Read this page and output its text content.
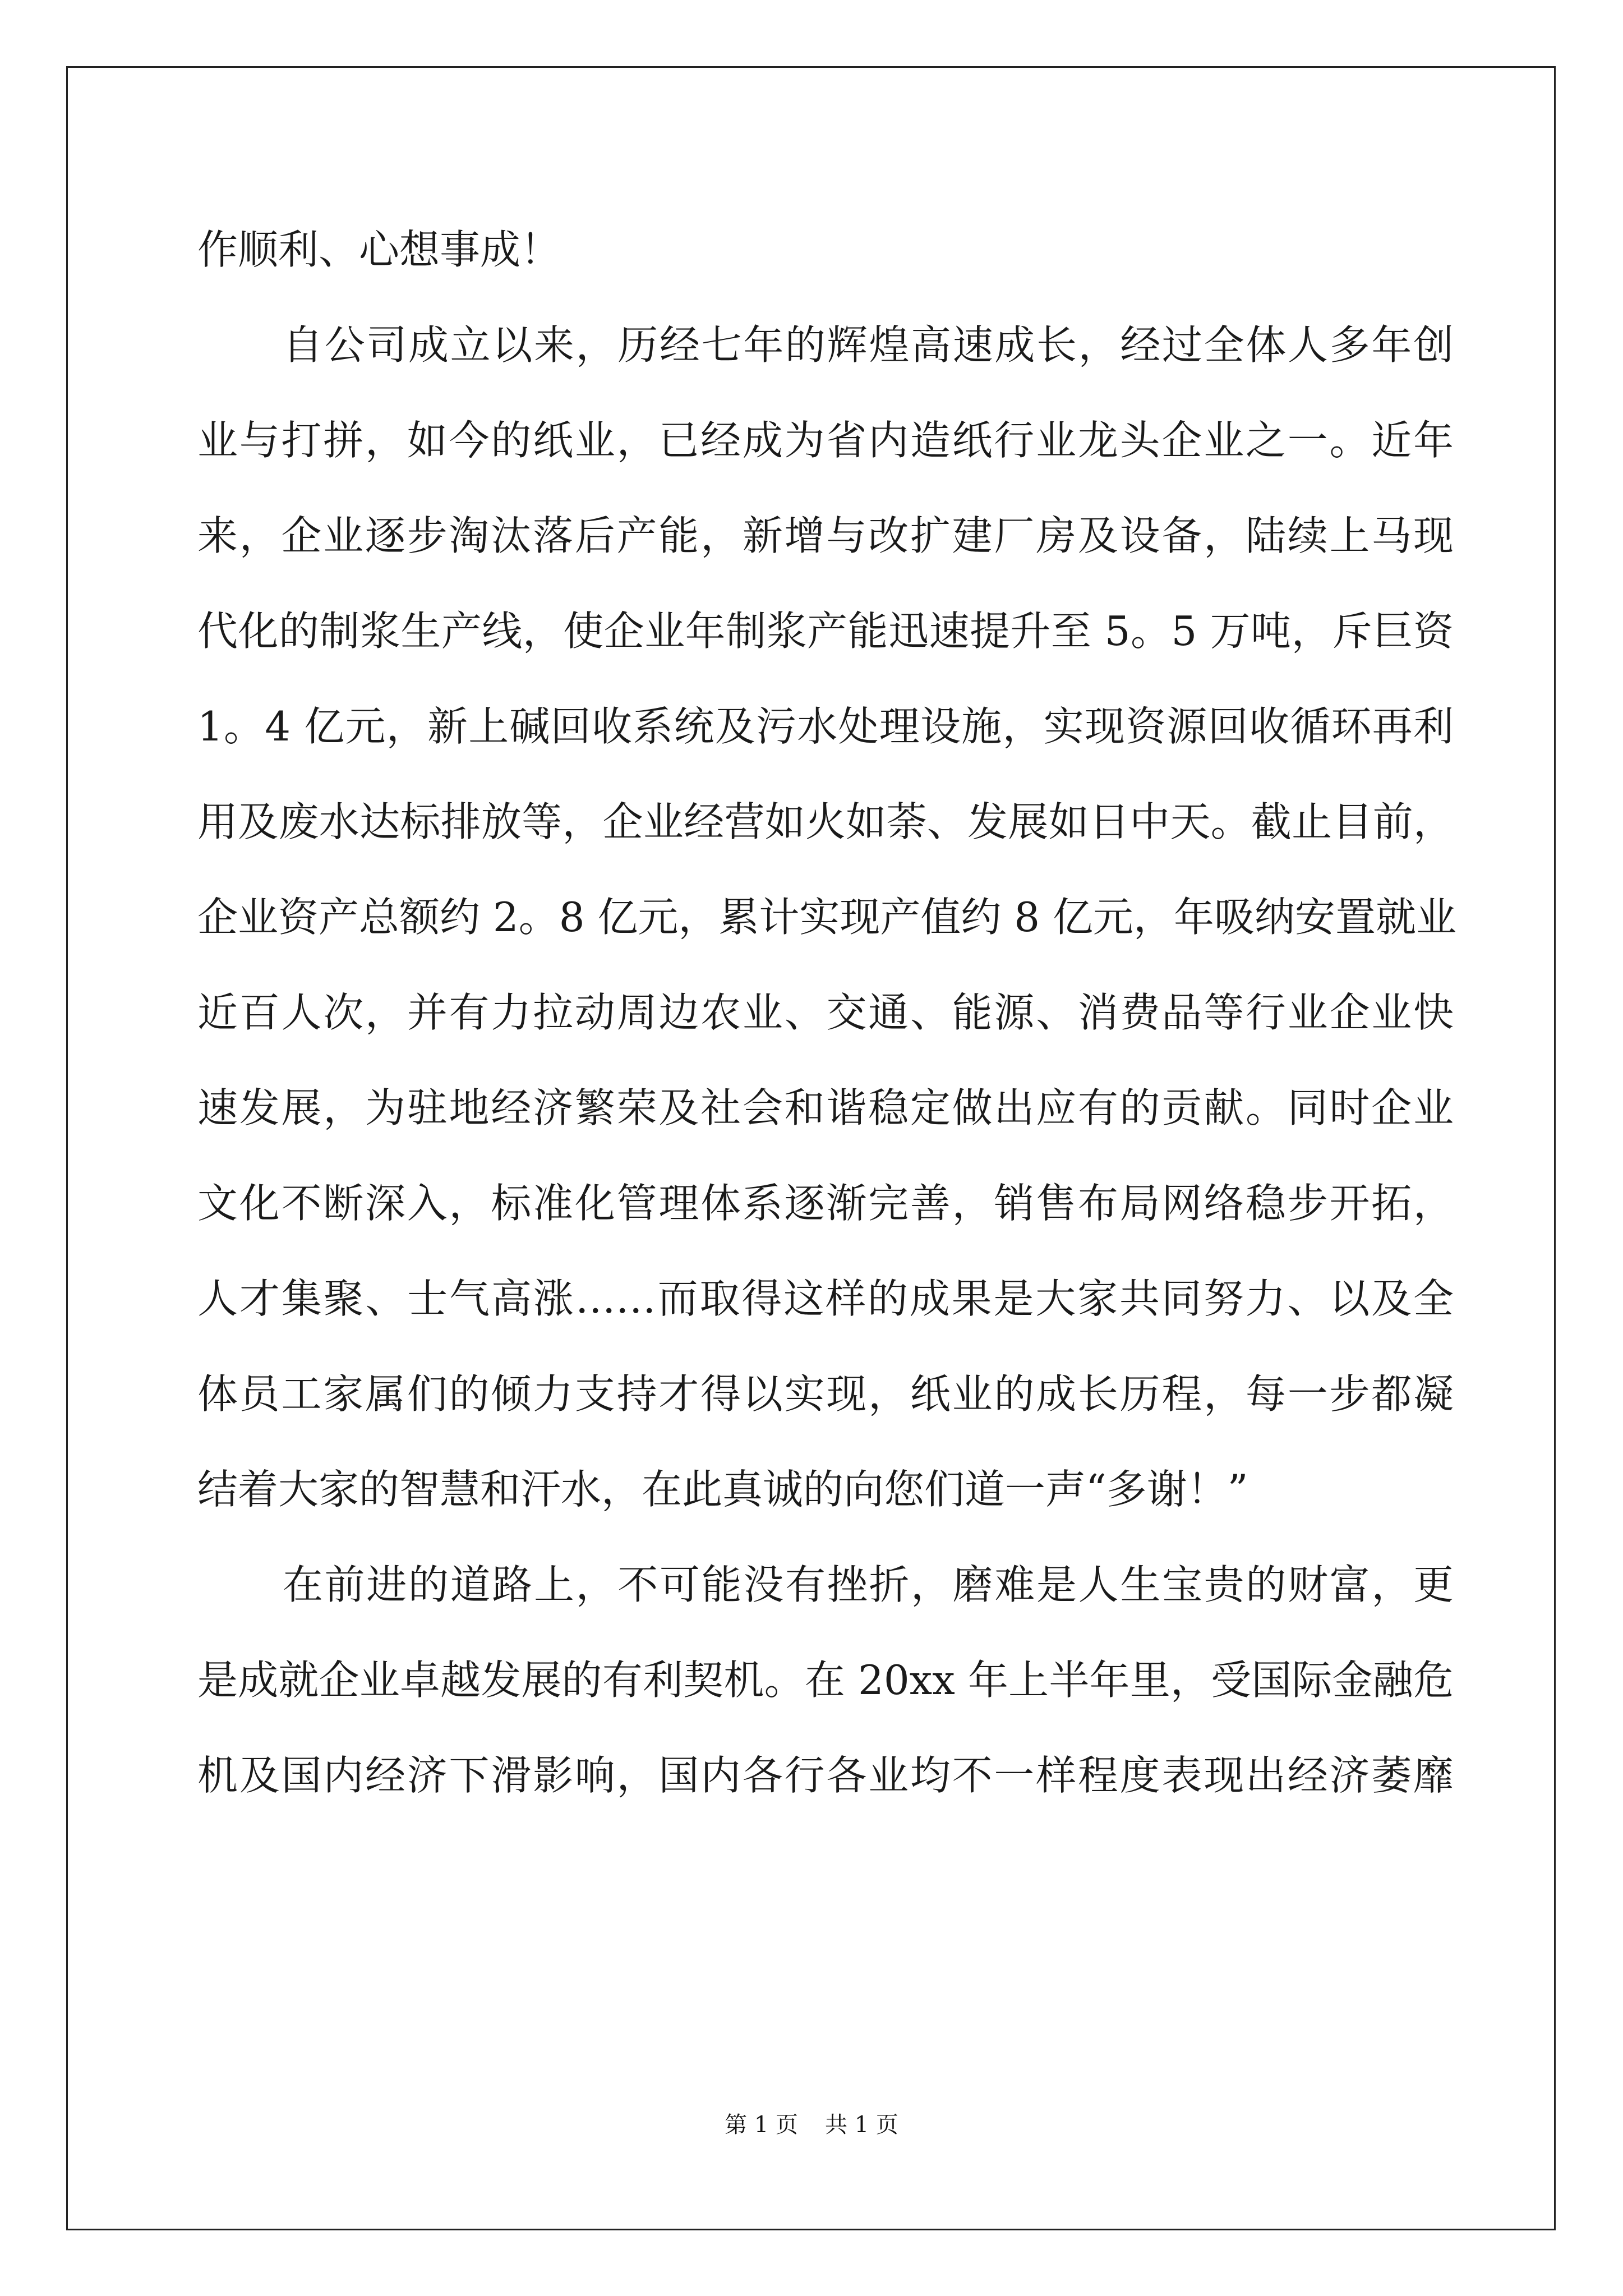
作顺利、心想事成！
自公司成立以来，历经七年的辉煌高速成长，经过全体人多年创
业与打拼，如今的纸业，已经成为省内造纸行业龙头企业之一。近年
来，企业逐步淘汰落后产能，新增与改扩建厂房及设备，陆续上马现
代化的制浆生产线，使企业年制浆产能迅速提升至 5。5 万吨，斥巨资
1。4 亿元，新上碱回收系统及污水处理设施，实现资源回收循环再利
用及废水达标排放等，企业经营如火如荼、发展如日中天。截止目前，
企业资产总额约 2。8 亿元，累计实现产值约 8 亿元，年吸纳安置就业
近百人次，并有力拉动周边农业、交通、能源、消费品等行业企业快
速发展，为驻地经济繁荣及社会和谐稳定做出应有的贡献。同时企业
文化不断深入，标准化管理体系逐渐完善，销售布局网络稳步开拓，
人才集聚、士气高涨……而取得这样的成果是大家共同努力、以及全
体员工家属们的倾力支持才得以实现，纸业的成长历程，每一步都凝
结着大家的智慧和汗水，在此真诚的向您们道一声“多谢！”
在前进的道路上，不可能没有挫折，磨难是人生宝贵的财富，更
是成就企业卓越发展的有利契机。在 20xx 年上半年里，受国际金融危
机及国内经济下滑影响，国内各行各业均不一样程度表现出经济萎靡
第 1 页 共 1 页
